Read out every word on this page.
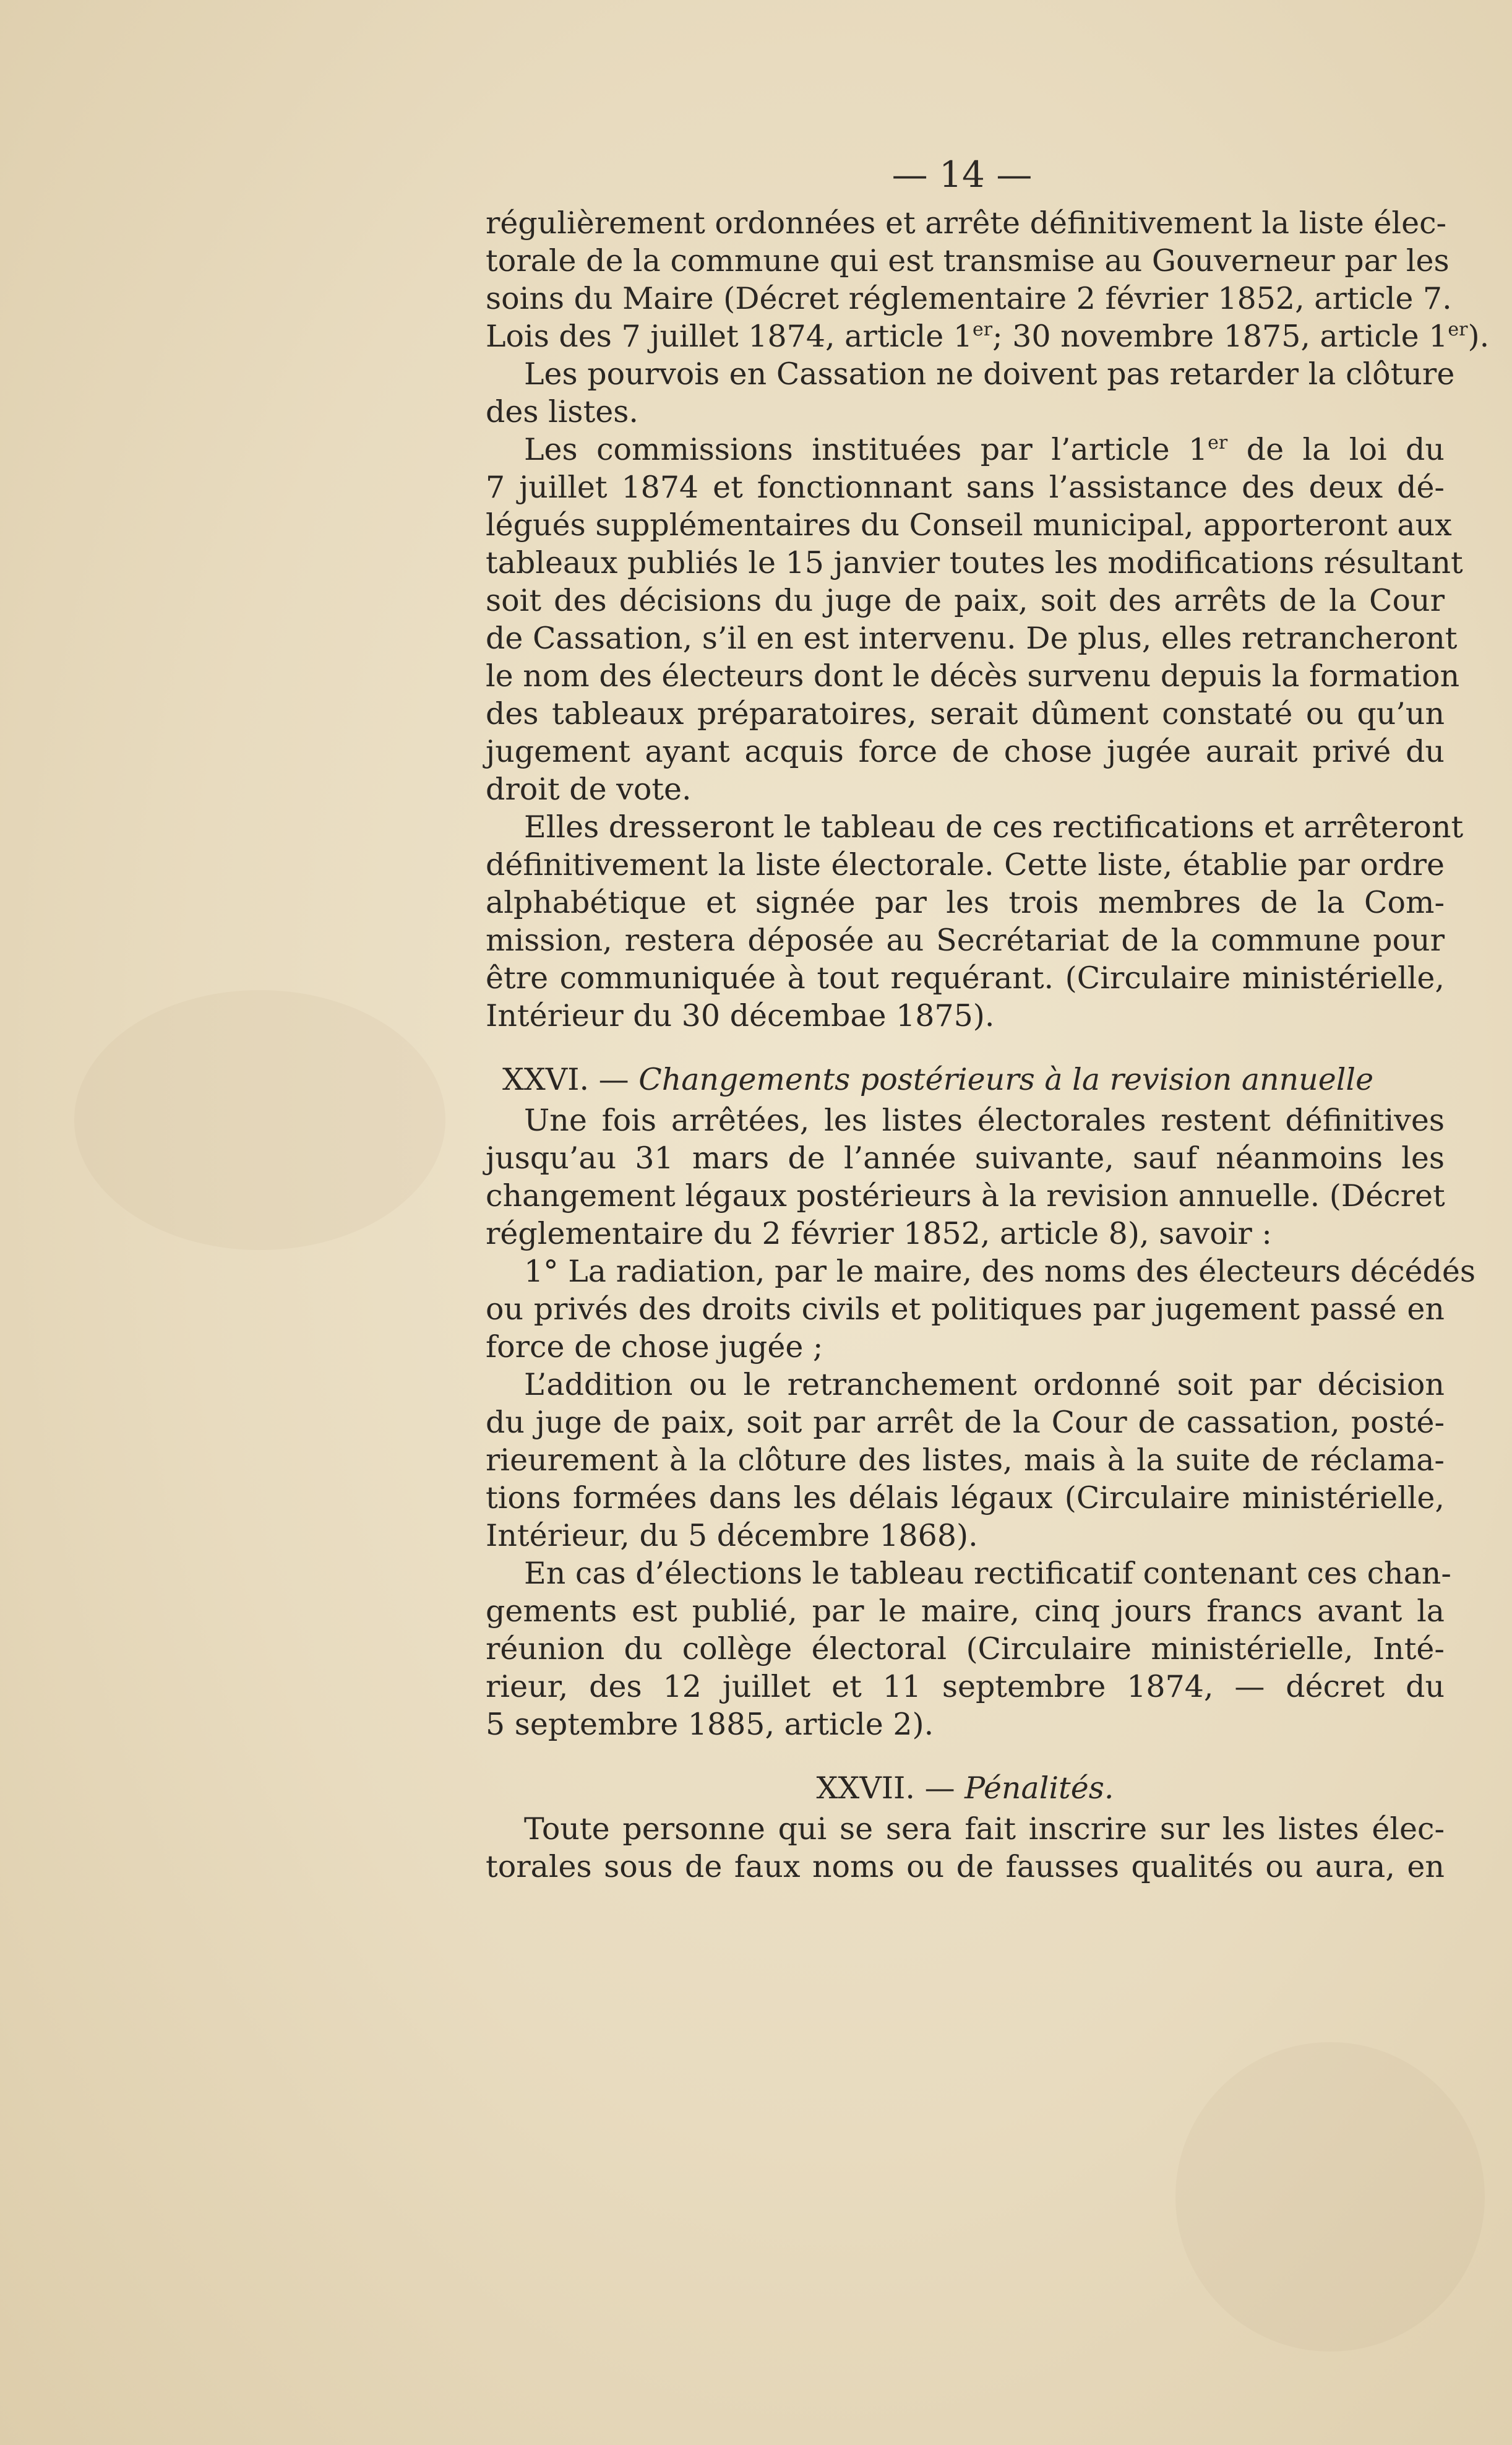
— 14 —
régulièrement ordonnées et arrête définitivement la liste élec-
torale de la commune qui est transmise au Gouverneur par les
soins du Maire (Décret réglementaire 2 février 1852, article 7.
Lois des 7 juillet 1874, article 1er; 30 novembre 1875, article 1er).
Les pourvois en Cassation ne doivent pas retarder la clôture
des listes.
Les commissions instituées par l’article 1er de la loi du
7 juillet 1874 et fonctionnant sans l’assistance des deux dé-
légués supplémentaires du Conseil municipal, apporteront aux
tableaux publiés le 15 janvier toutes les modifications résultant
soit des décisions du juge de paix, soit des arrêts de la Cour
de Cassation, s’il en est intervenu. De plus, elles retrancheront
le nom des électeurs dont le décès survenu depuis la formation
des tableaux préparatoires, serait dûment constaté ou qu’un
jugement ayant acquis force de chose jugée aurait privé du
droit de vote.
Elles dresseront le tableau de ces rectifications et arrêteront
définitivement la liste électorale. Cette liste, établie par ordre
alphabétique et signée par les trois membres de la Com-
mission, restera déposée au Secrétariat de la commune pour
être communiquée à tout requérant. (Circulaire ministérielle,
Intérieur du 30 décembae 1875).
XXVI. — Changements postérieurs à la revision annuelle
Une fois arrêtées, les listes électorales restent définitives
jusqu’au 31 mars de l’année suivante, sauf néanmoins les
changement légaux postérieurs à la revision annuelle. (Décret
réglementaire du 2 février 1852, article 8), savoir :
1° La radiation, par le maire, des noms des électeurs décédés
ou privés des droits civils et politiques par jugement passé en
force de chose jugée ;
L’addition ou le retranchement ordonné soit par décision
du juge de paix, soit par arrêt de la Cour de cassation, posté-
rieurement à la clôture des listes, mais à la suite de réclama-
tions formées dans les délais légaux (Circulaire ministérielle,
Intérieur, du 5 décembre 1868).
En cas d’élections le tableau rectificatif contenant ces chan-
gements est publié, par le maire, cinq jours francs avant la
réunion du collège électoral (Circulaire ministérielle, Inté-
rieur, des 12 juillet et 11 septembre 1874, — décret du
5 septembre 1885, article 2).
XXVII. — Pénalités.
Toute personne qui se sera fait inscrire sur les listes élec-
torales sous de faux noms ou de fausses qualités ou aura, en
